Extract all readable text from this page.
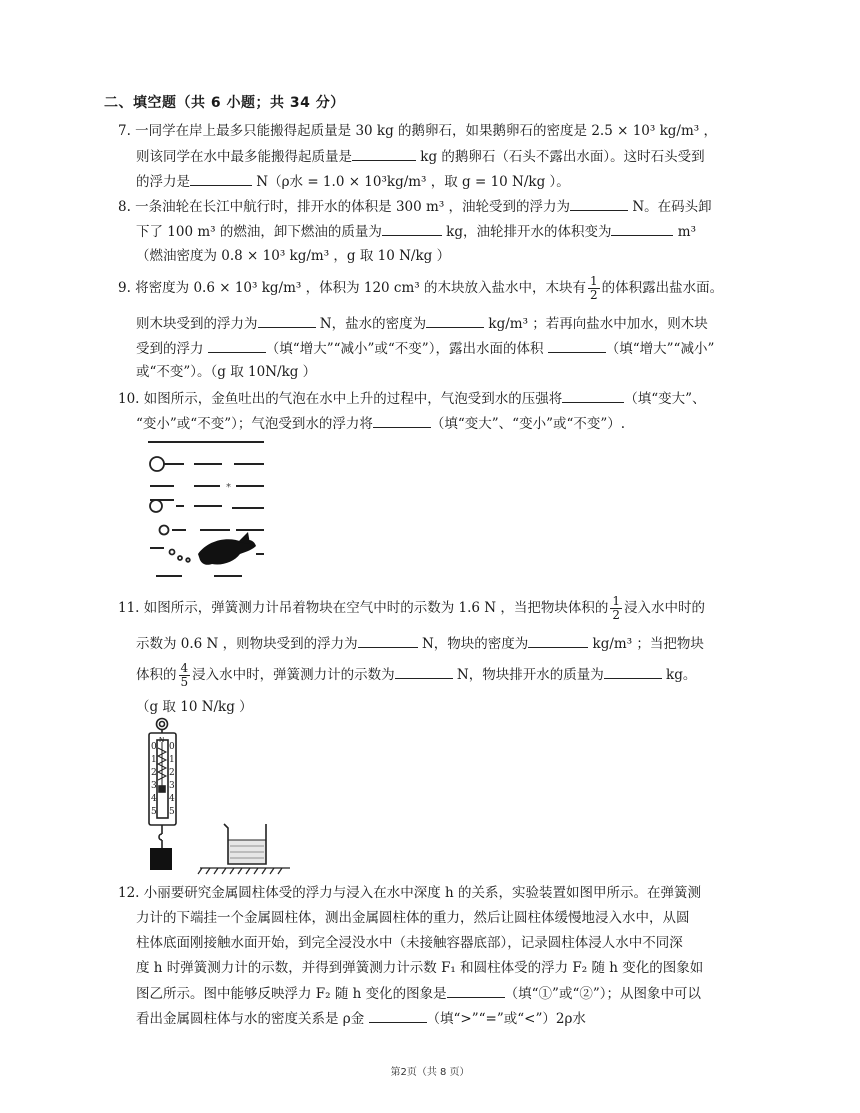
二、填空题（共 6 小题；共 34 分）
7. 一同学在岸上最多只能搬得起质量是 30 kg 的鹅卵石，如果鹅卵石的密度是 2.5 × 10³ kg/m³ ，
则该同学在水中最多能搬得起质量是	kg 的鹅卵石（石头不露出水面）。这时石头受到
的浮力是	N（ρ水 = 1.0 × 10³kg/m³ ，取 g = 10 N/kg ）。
8. 一条油轮在长江中航行时，排开水的体积是 300 m³ ，油轮受到的浮力为	N。在码头卸
下了 100 m³ 的燃油，卸下燃油的质量为	kg，油轮排开水的体积变为	m³
（燃油密度为 0.8 × 10³ kg/m³ ，g 取 10 N/kg ）
9. 将密度为 0.6 × 10³ kg/m³ ，体积为 120 cm³ 的木块放入盐水中，木块有 $\frac{1}{2}$ 的体积露出盐水面。
则木块受到的浮力为	N，盐水的密度为	kg/m³ ；若再向盐水中加水，则木块
受到的浮力	（填“增大”“减小”或“不变”），露出水面的体积	（填“增大”“减小”
或“不变”）。（g 取 10N/kg ）
10. 如图所示，金鱼吐出的气泡在水中上升的过程中，气泡受到水的压强将	（填“变大”、
“变小”或“不变”）；气泡受到水的浮力将	（填“变大”、“变小”或“不变”）.
*
11. 如图所示，弹簧测力计吊着物块在空气中时的示数为 1.6 N ，当把物块体积的 $\frac{1}{2}$ 浸入水中时的
示数为 0.6 N ，则物块受到的浮力为	N，物块的密度为	kg/m³ ；当把物块
体积的 $\frac{4}{5}$ 浸入水中时，弹簧测力计的示数为	N，物块排开水的质量为	kg。
（g 取 10 N/kg ）
N
0 0
1 1
2 2
3 3
4 4
5 5
12. 小丽要研究金属圆柱体受的浮力与浸入在水中深度 h 的关系，实验装置如图甲所示。在弹簧测
力计的下端挂一个金属圆柱体，测出金属圆柱体的重力，然后让圆柱体缓慢地浸入水中，从圆
柱体底面刚接触水面开始，到完全浸没水中（未接触容器底部），记录圆柱体浸人水中不同深
度 h 时弹簧测力计的示数，并得到弹簧测力计示数 F₁ 和圆柱体受的浮力 F₂ 随 h 变化的图象如
图乙所示。图中能够反映浮力 F₂ 随 h 变化的图象是	（填“①”或“②”）；从图象中可以
看出金属圆柱体与水的密度关系是 ρ金	（填“>”“=”或“<”）2ρ水
第2页（共 8 页）
